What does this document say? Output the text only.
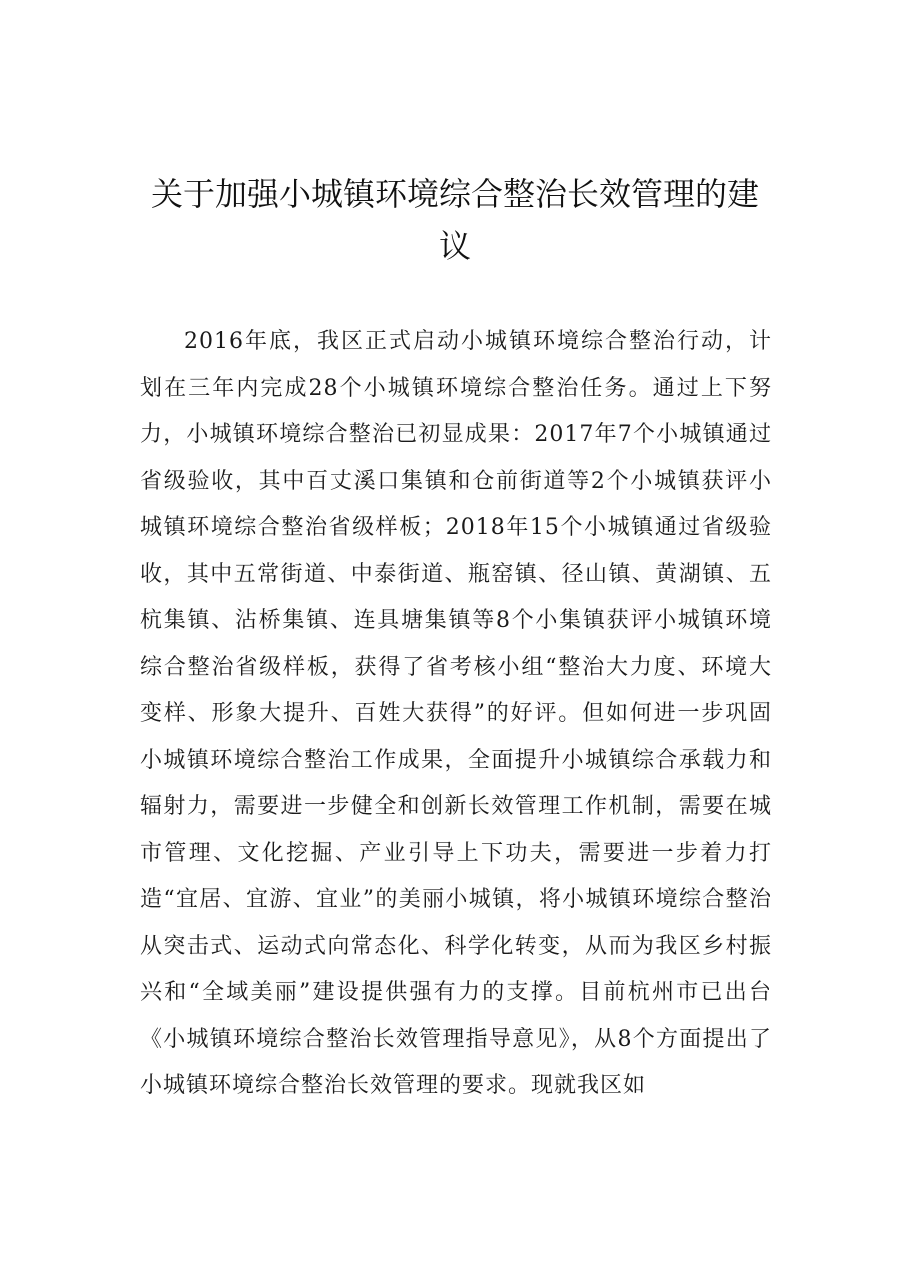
关于加强小城镇环境综合整治长效管理的建议

2016年底，我区正式启动小城镇环境综合整治行动，计划在三年内完成28个小城镇环境综合整治任务。通过上下努力，小城镇环境综合整治已初显成果：2017年7个小城镇通过省级验收，其中百丈溪口集镇和仓前街道等2个小城镇获评小城镇环境综合整治省级样板；2018年15个小城镇通过省级验收，其中五常街道、中泰街道、瓶窑镇、径山镇、黄湖镇、五杭集镇、沾桥集镇、连具塘集镇等8个小集镇获评小城镇环境综合整治省级样板，获得了省考核小组“整治大力度、环境大变样、形象大提升、百姓大获得”的好评。但如何进一步巩固小城镇环境综合整治工作成果，全面提升小城镇综合承载力和辐射力，需要进一步健全和创新长效管理工作机制，需要在城市管理、文化挖掘、产业引导上下功夫，需要进一步着力打造“宜居、宜游、宜业”的美丽小城镇，将小城镇环境综合整治从突击式、运动式向常态化、科学化转变，从而为我区乡村振兴和“全域美丽”建设提供强有力的支撑。目前杭州市已出台《小城镇环境综合整治长效管理指导意见》，从8个方面提出了小城镇环境综合整治长效管理的要求。现就我区如
